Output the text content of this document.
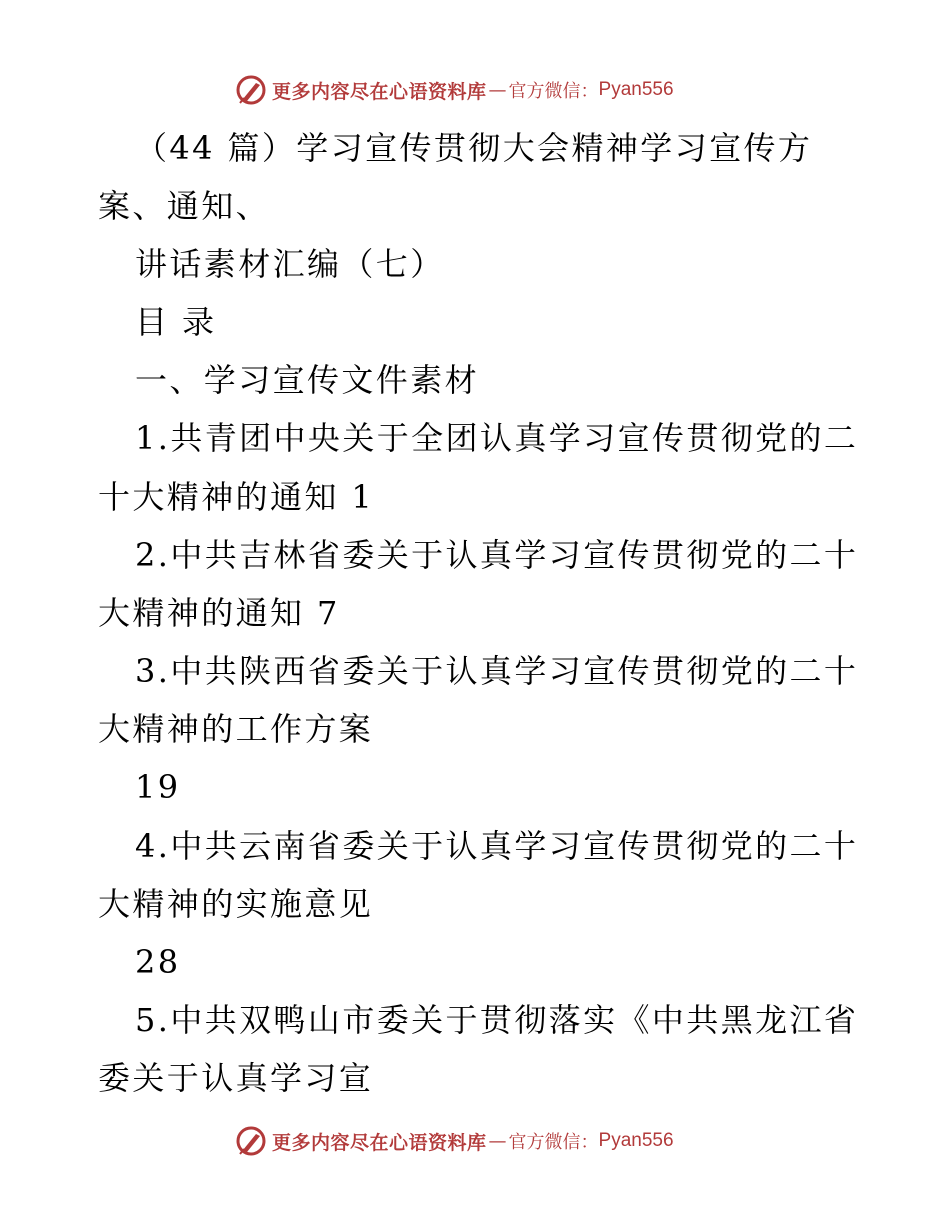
更多内容尽在心语资料库 — 官方微信： Pyan556
（44 篇）学习宣传贯彻大会精神学习宣传方
案、通知、
讲话素材汇编（七）
目 录
一、学习宣传文件素材
1.共青团中央关于全团认真学习宣传贯彻党的二
十大精神的通知 1
2.中共吉林省委关于认真学习宣传贯彻党的二十
大精神的通知 7
3.中共陕西省委关于认真学习宣传贯彻党的二十
大精神的工作方案
19
4.中共云南省委关于认真学习宣传贯彻党的二十
大精神的实施意见
28
5.中共双鸭山市委关于贯彻落实《中共黑龙江省
委关于认真学习宣
更多内容尽在心语资料库 — 官方微信： Pyan556
